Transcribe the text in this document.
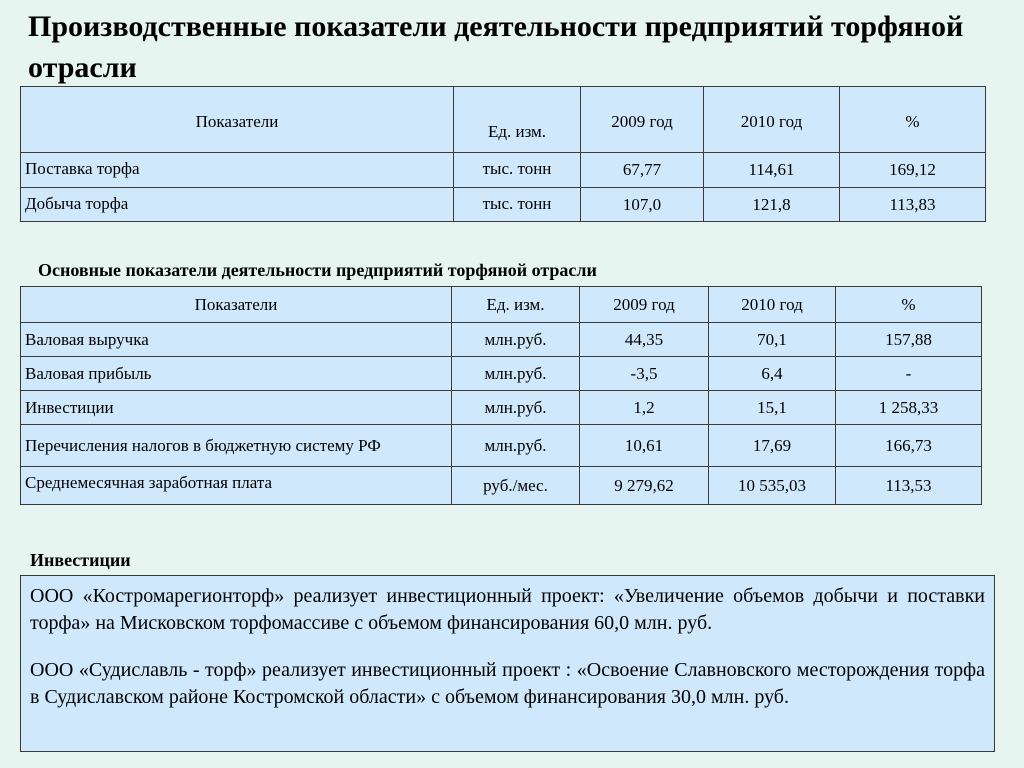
Производственные показатели деятельности предприятий торфяной отрасли
Показатели	Ед. изм.	2009 год	2010 год	%
Поставка торфа	тыс. тонн	67,77	114,61	169,12
Добыча торфа	тыс. тонн	107,0	121,8	113,83
Основные показатели деятельности предприятий торфяной отрасли
Показатели	Ед. изм.	2009 год	2010 год	%
Валовая выручка	млн.руб.	44,35	70,1	157,88
Валовая прибыль	млн.руб.	-3,5	6,4	-
Инвестиции	млн.руб.	1,2	15,1	1 258,33
Перечисления налогов в бюджетную систему РФ	млн.руб.	10,61	17,69	166,73
Среднемесячная заработная плата	руб./мес.	9 279,62	10 535,03	113,53
Инвестиции

ООО «Костромарегионторф» реализует инвестиционный проект: «Увеличение объемов добычи и поставки торфа» на Мисковском торфомассиве с объемом финансирования 60,0 млн. руб.

ООО «Судиславль - торф» реализует инвестиционный проект : «Освоение Славновского месторождения торфа в Судиславском районе Костромской области» с объемом финансирования 30,0 млн. руб.
